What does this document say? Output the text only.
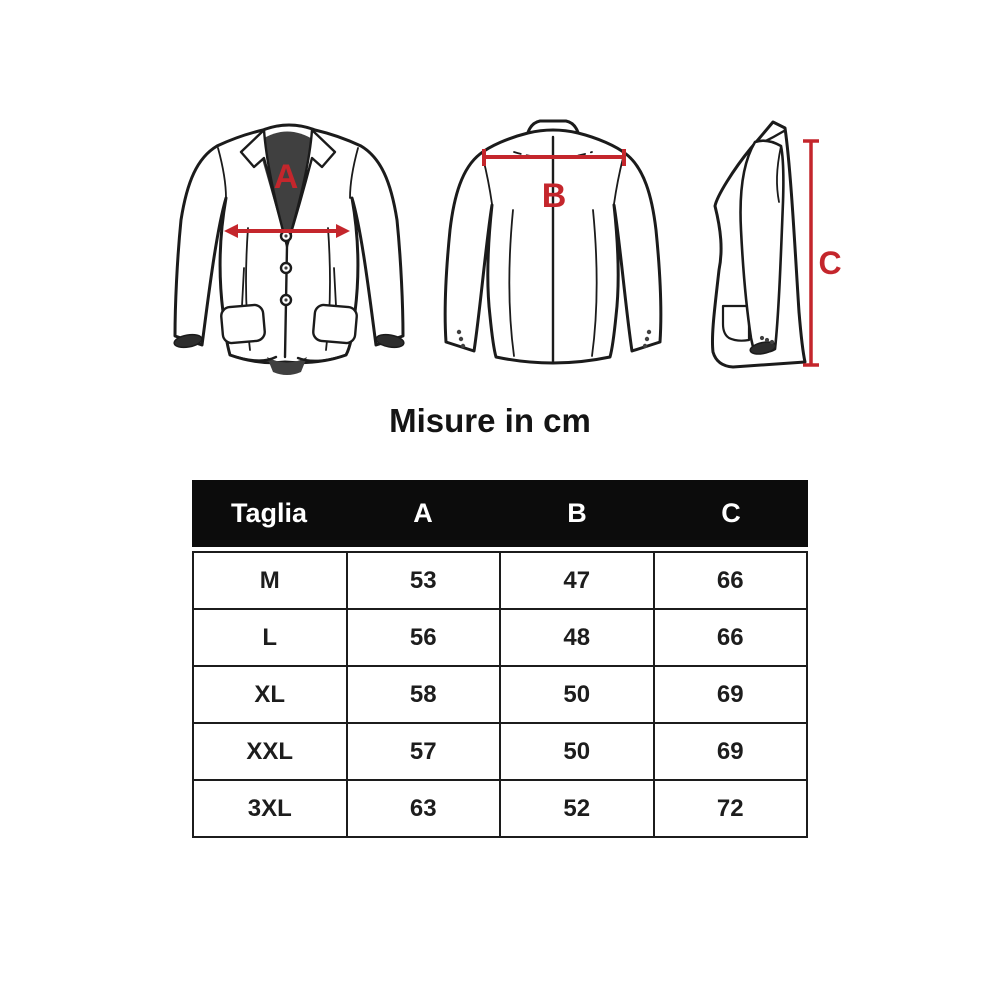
A	B
C
Misure in cm
Taglia	A	B	C
M	53	47	66
L	56	48	66
XL	58	50	69
XXL	57	50	69
3XL	63	52	72
